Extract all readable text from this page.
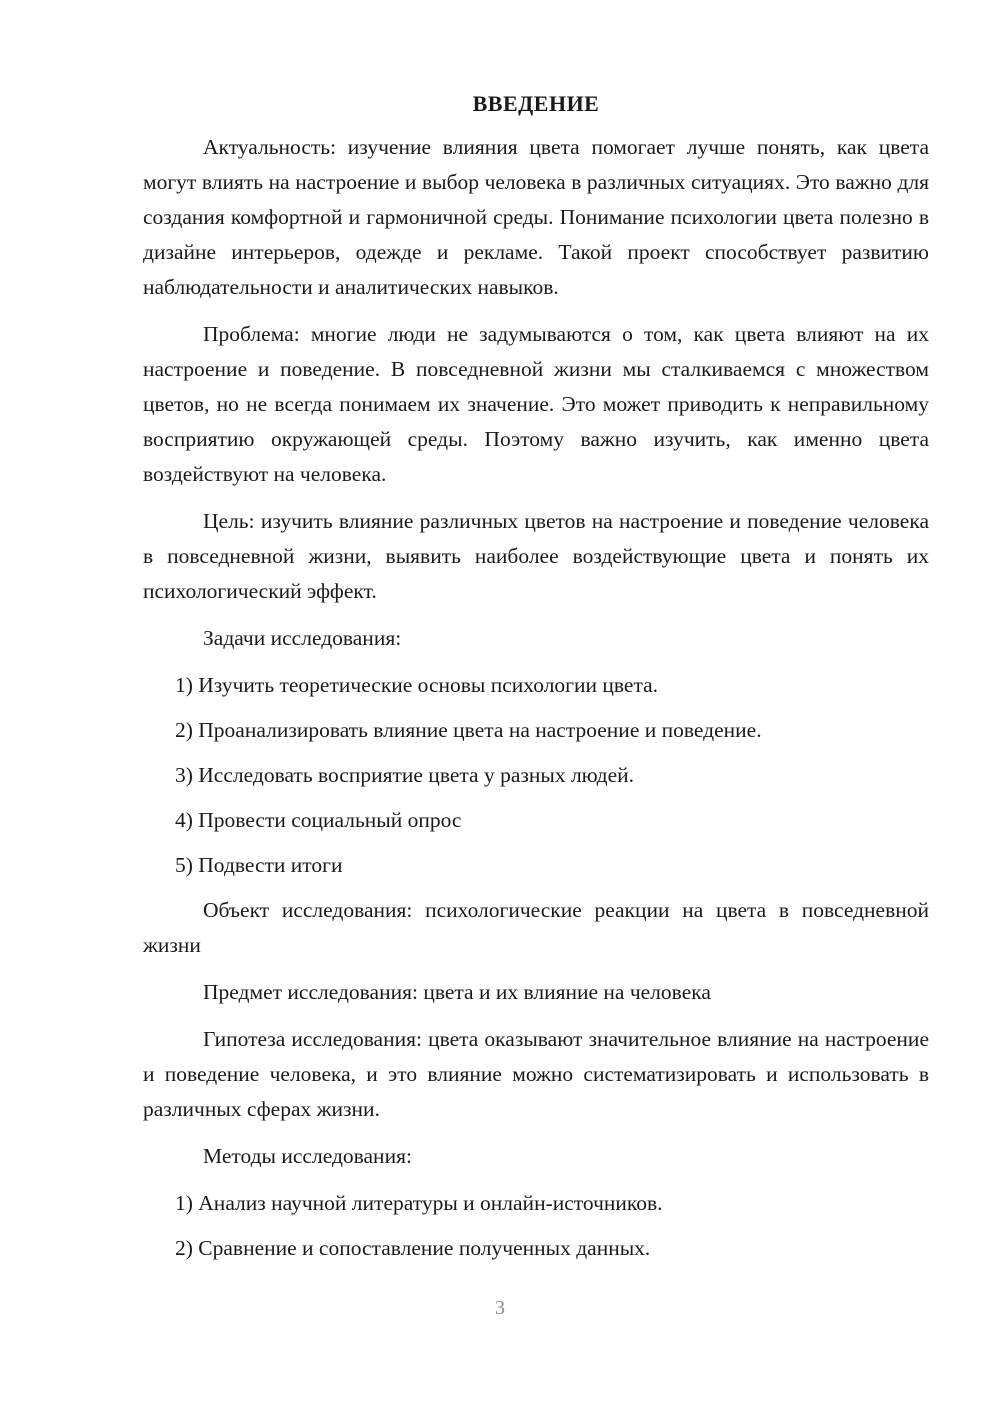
ВВЕДЕНИЕ

Актуальность: изучение влияния цвета помогает лучше понять, как цвета могут влиять на настроение и выбор человека в различных ситуациях. Это важно для создания комфортной и гармоничной среды. Понимание психологии цвета полезно в дизайне интерьеров, одежде и рекламе. Такой проект способствует развитию наблюдательности и аналитических навыков.

Проблема: многие люди не задумываются о том, как цвета влияют на их настроение и поведение. В повседневной жизни мы сталкиваемся с множеством цветов, но не всегда понимаем их значение. Это может приводить к неправильному восприятию окружающей среды. Поэтому важно изучить, как именно цвета воздействуют на человека.

Цель: изучить влияние различных цветов на настроение и поведение человека в повседневной жизни, выявить наиболее воздействующие цвета и понять их психологический эффект.

Задачи исследования:

1) Изучить теоретические основы психологии цвета.

2) Проанализировать влияние цвета на настроение и поведение.

3) Исследовать восприятие цвета у разных людей.

4) Провести социальный опрос

5) Подвести итоги

Объект исследования: психологические реакции на цвета в повседневной жизни

Предмет исследования: цвета и их влияние на человека

Гипотеза исследования: цвета оказывают значительное влияние на настроение и поведение человека, и это влияние можно систематизировать и использовать в различных сферах жизни.

Методы исследования:

1) Анализ научной литературы и онлайн-источников.

2) Сравнение и сопоставление полученных данных.

3
